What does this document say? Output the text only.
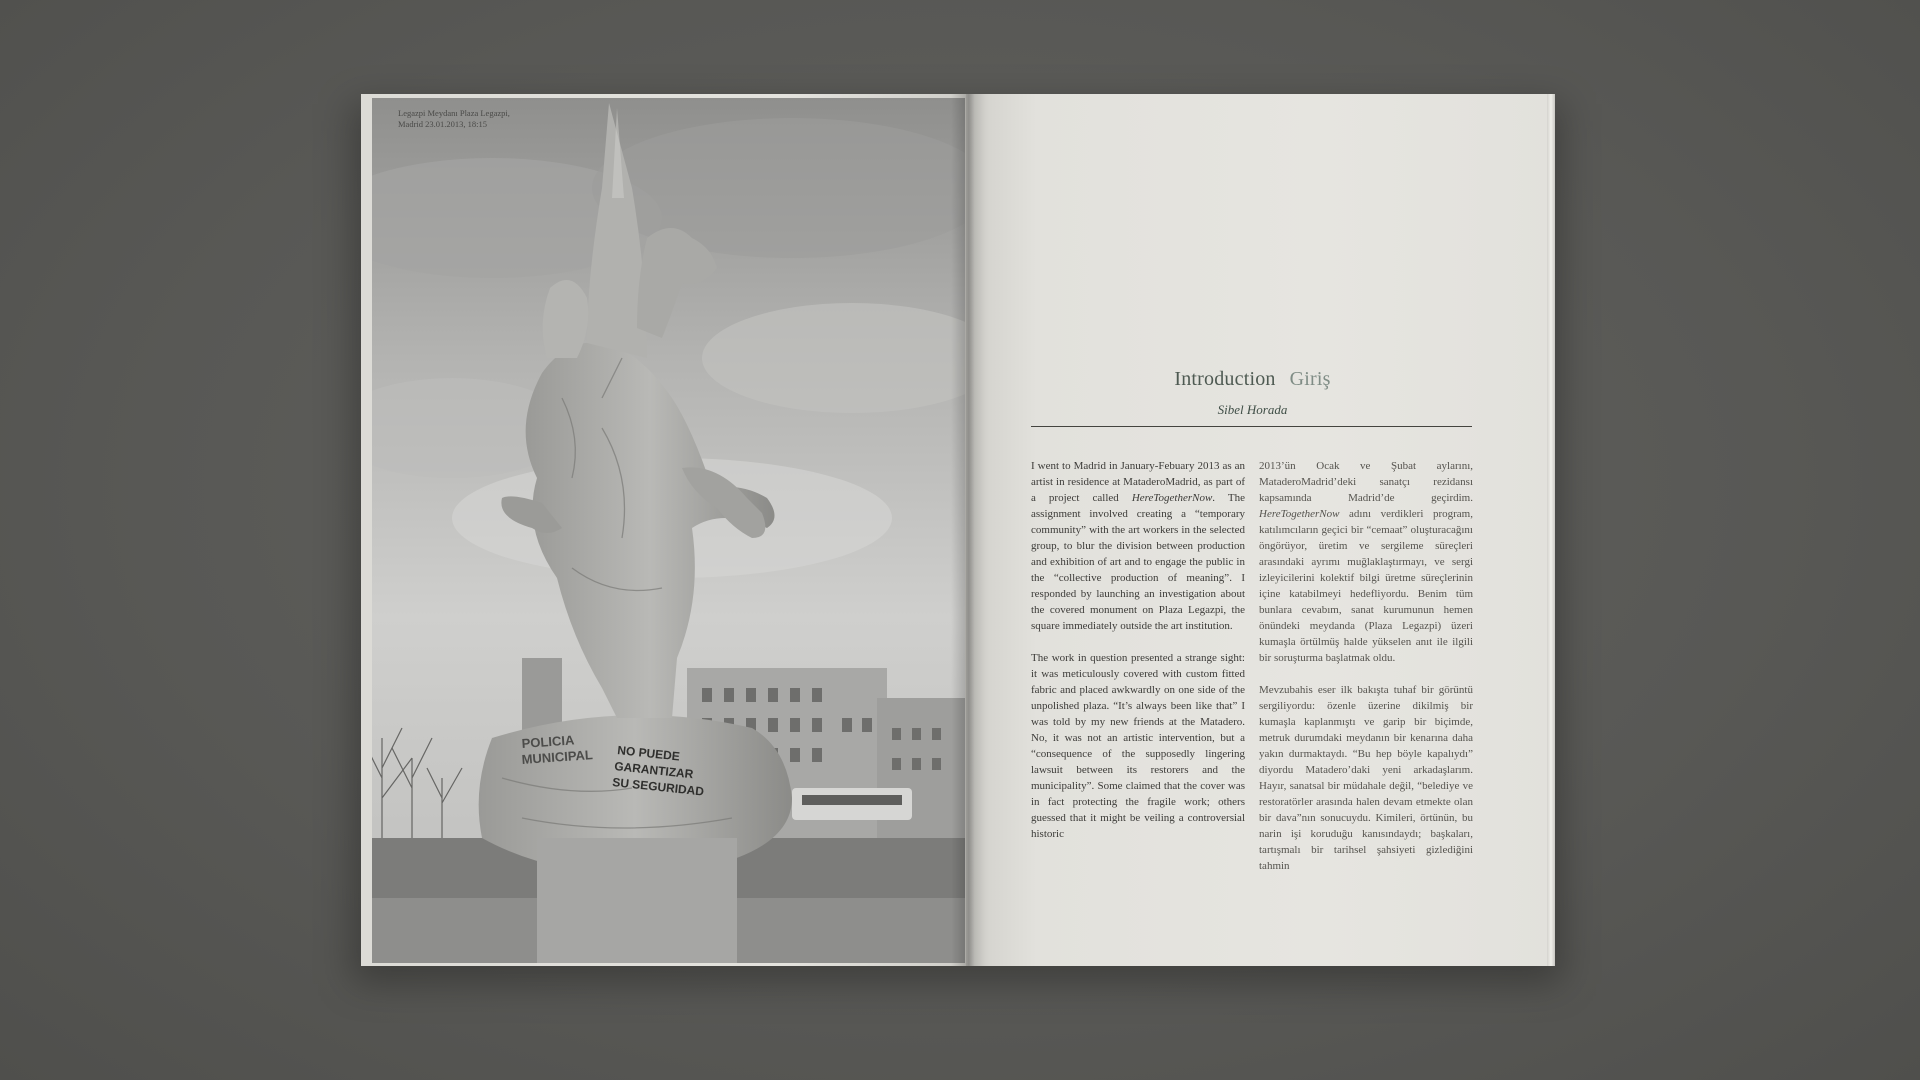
POLICIA
MUNICIPAL NO PUEDE
GARANTIZAR
SU SEGURIDAD
Legazpi Meydanı Plaza Legazpi,
Madrid 23.01.2013, 18:15
Introduction Giriş
Sibel Horada

I went to Madrid in January-Febuary 2013 as an artist in residence at MataderoMadrid, as part of a project called HereTogetherNow. The assignment involved creating a “temporary community” with the art workers in the selected group, to blur the division between production and exhibition of art and to engage the public in the “collective production of meaning”. I responded by launching an investigation about the covered monument on Plaza Legazpi, the square immediately outside the art institution.

The work in question presented a strange sight: it was meticulously covered with custom fitted fabric and placed awkwardly on one side of the unpolished plaza. “It’s always been like that” I was told by my new friends at the Matadero. No, it was not an artistic intervention, but a “consequence of the supposedly lingering lawsuit between its restorers and the municipality”. Some claimed that the cover was in fact protecting the fragile work; others guessed that it might be veiling a controversial historic

2013’ün Ocak ve Şubat aylarını, MataderoMadrid’deki sanatçı rezidansı kapsamında Madrid’de geçirdim. HereTogetherNow adını verdikleri program, katılımcıların geçici bir “cemaat” oluşturacağını öngörüyor, üretim ve sergileme süreçleri arasındaki ayrımı muğlaklaştırmayı, ve sergi izleyicilerini kolektif bilgi üretme süreçlerinin içine katabilmeyi hedefliyordu. Benim tüm bunlara cevabım, sanat kurumunun hemen önündeki meydanda (Plaza Legazpi) üzeri kumaşla örtülmüş halde yükselen anıt ile ilgili bir soruşturma başlatmak oldu.

Mevzubahis eser ilk bakışta tuhaf bir görüntü sergiliyordu: özenle üzerine dikilmiş bir kumaşla kaplanmıştı ve garip bir biçimde, metruk durumdaki meydanın bir kenarına daha yakın durmaktaydı. “Bu hep böyle kapalıydı” diyordu Matadero’daki yeni arkadaşlarım. Hayır, sanatsal bir müdahale değil, “belediye ve restoratörler arasında halen devam etmekte olan bir dava”nın sonucuydu. Kimileri, örtünün, bu narin işi koruduğu kanısındaydı; başkaları, tartışmalı bir tarihsel şahsiyeti gizlediğini tahmin
